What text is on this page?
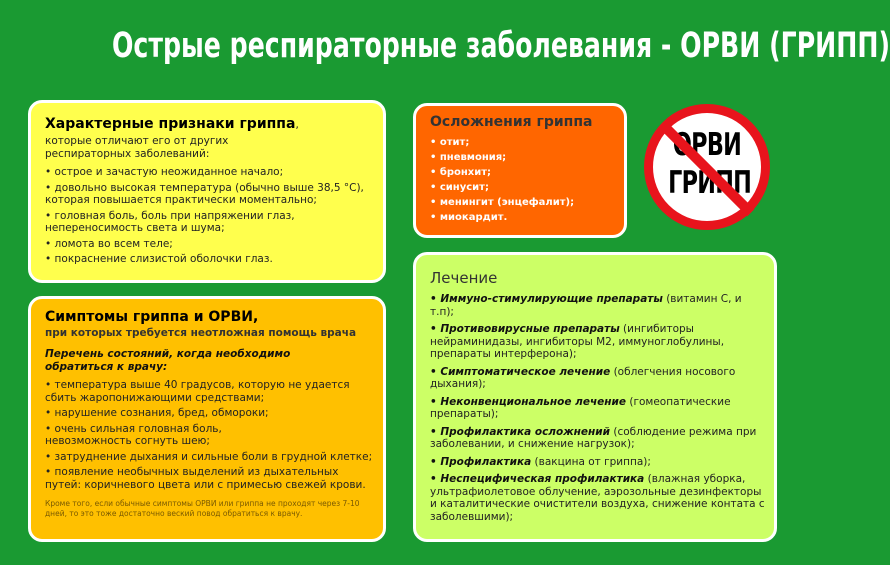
Острые респираторные заболевания - ОРВИ (ГРИПП)
Характерные признаки гриппа,
которые отличают его от других респираторных заболеваний:
• острое и зачастую неожиданное начало;
• довольно высокая температура (обычно выше 38,5 °С), которая повышается практически моментально;
• головная боль, боль при напряжении глаз, непереносимость света и шума;
• ломота во всем теле;
• покраснение слизистой оболочки глаз.
Симптомы гриппа и ОРВИ,
при которых требуется неотложная помощь врача
Перечень состояний, когда необходимо обратиться к врачу:
• температура выше 40 градусов, которую не удается сбить жаропонижающими средствами;
• нарушение сознания, бред, обмороки;
• очень сильная головная боль, невозможность согнуть шею;
• затруднение дыхания и сильные боли в грудной клетке;
• появление необычных выделений из дыхательных путей: коричневого цвета или с примесью свежей крови.
Кроме того, если обычные симптомы ОРВИ или гриппа не проходят через 7-10 дней, то это тоже достаточно веский повод обратиться к врачу.
Осложнения гриппа
• отит;
• пневмония;
• бронхит;
• синусит;
• менингит (энцефалит);
• миокардит.
ОРВИ
ГРИПП
Лечение
• Иммуно-стимулирующие препараты (витамин С, и т.п);
• Противовирусные препараты (ингибиторы нейраминидазы, ингибиторы М2, иммуноглобулины, препараты интерферона);
• Симптоматическое лечение (облегчения носового дыхания);
• Неконвенциональное лечение (гомеопатические препараты);
• Профилактика осложнений (соблюдение режима при заболевании, и снижение нагрузок);
• Профилактика (вакцина от гриппа);
• Неспецифическая профилактика (влажная уборка, ультрафиолетовое облучение, аэрозольные дезинфекторы и каталитические очистители воздуха, снижение контата с заболевшими);
